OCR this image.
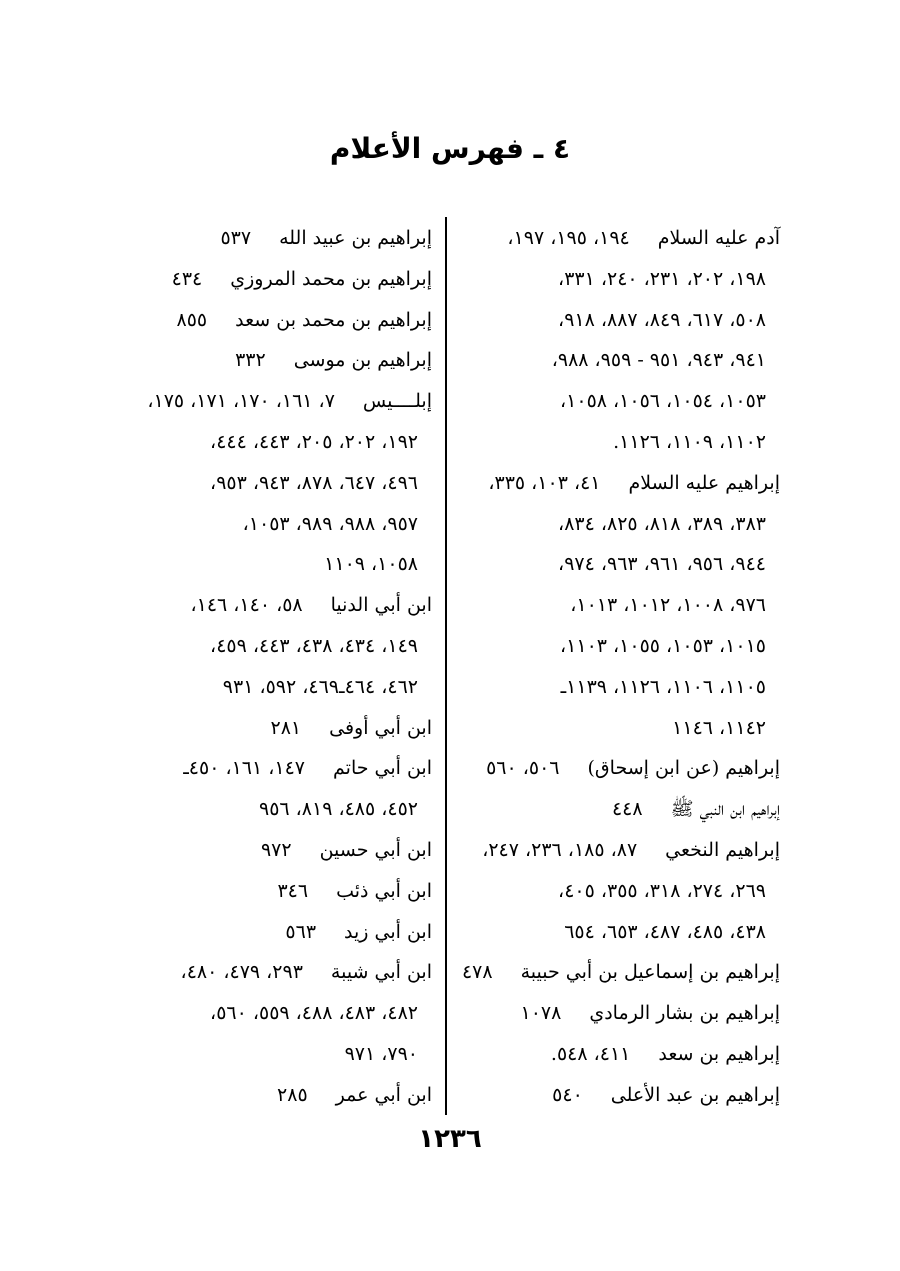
٤ ـ فهرس الأعلام
آدم عليه السلام١٩٤، ١٩٥، ١٩٧،
١٩٨، ٢٠٢، ٢٣١، ٢٤٠، ٣٣١،
٥٠٨، ٦١٧، ٨٤٩، ٨٨٧، ٩١٨،
٩٤١، ٩٤٣، ٩٥١ - ٩٥٩، ٩٨٨،
١٠٥٣، ١٠٥٤، ١٠٥٦، ١٠٥٨،
١١٠٢، ١١٠٩، ١١٢٦.
إبراهيم عليه السلام٤١، ١٠٣، ٣٣٥،
٣٨٣، ٣٨٩، ٨١٨، ٨٢٥، ٨٣٤،
٩٤٤، ٩٥٦، ٩٦١، ٩٦٣، ٩٧٤،
٩٧٦، ١٠٠٨، ١٠١٢، ١٠١٣،
١٠١٥، ١٠٥٣، ١٠٥٥، ١١٠٣،
١١٠٥، ١١٠٦، ١١٢٦، ١١٣٩ـ
١١٤٢، ١١٤٦
إبراهيم (عن ابن إسحاق)٥٠٦، ٥٦٠
إبراهيم ابن النبي ﷺ٤٤٨
إبراهيم النخعي٨٧، ١٨٥، ٢٣٦، ٢٤٧،
٢٦٩، ٢٧٤، ٣١٨، ٣٥٥، ٤٠٥،
٤٣٨، ٤٨٥، ٤٨٧، ٦٥٣، ٦٥٤
إبراهيم بن إسماعيل بن أبي حبيبة٤٧٨
إبراهيم بن بشار الرمادي١٠٧٨
إبراهيم بن سعد٤١١، ٥٤٨.
إبراهيم بن عبد الأعلى٥٤٠
إبراهيم بن عبيد الله٥٣٧
إبراهيم بن محمد المروزي٤٣٤
إبراهيم بن محمد بن سعد٨٥٥
إبراهيم بن موسى٣٣٢
إبلــــيس٧، ١٦١، ١٧٠، ١٧١، ١٧٥،
١٩٢، ٢٠٢، ٢٠٥، ٤٤٣، ٤٤٤،
٤٩٦، ٦٤٧، ٨٧٨، ٩٤٣، ٩٥٣،
٩٥٧، ٩٨٨، ٩٨٩، ١٠٥٣،
١٠٥٨، ١١٠٩
ابن أبي الدنيا٥٨، ١٤٠، ١٤٦،
١٤٩، ٤٣٤، ٤٣٨، ٤٤٣، ٤٥٩،
٤٦٢، ٤٦٤ـ٤٦٩، ٥٩٢، ٩٣١
ابن أبي أوفى٢٨١
ابن أبي حاتم١٤٧، ١٦١، ٤٥٠ـ
٤٥٢، ٤٨٥، ٨١٩، ٩٥٦
ابن أبي حسين٩٧٢
ابن أبي ذئب٣٤٦
ابن أبي زيد٥٦٣
ابن أبي شيبة٢٩٣، ٤٧٩، ٤٨٠،
٤٨٢، ٤٨٣، ٤٨٨، ٥٥٩، ٥٦٠،
٧٩٠، ٩٧١
ابن أبي عمر٢٨٥
١٢٣٦
